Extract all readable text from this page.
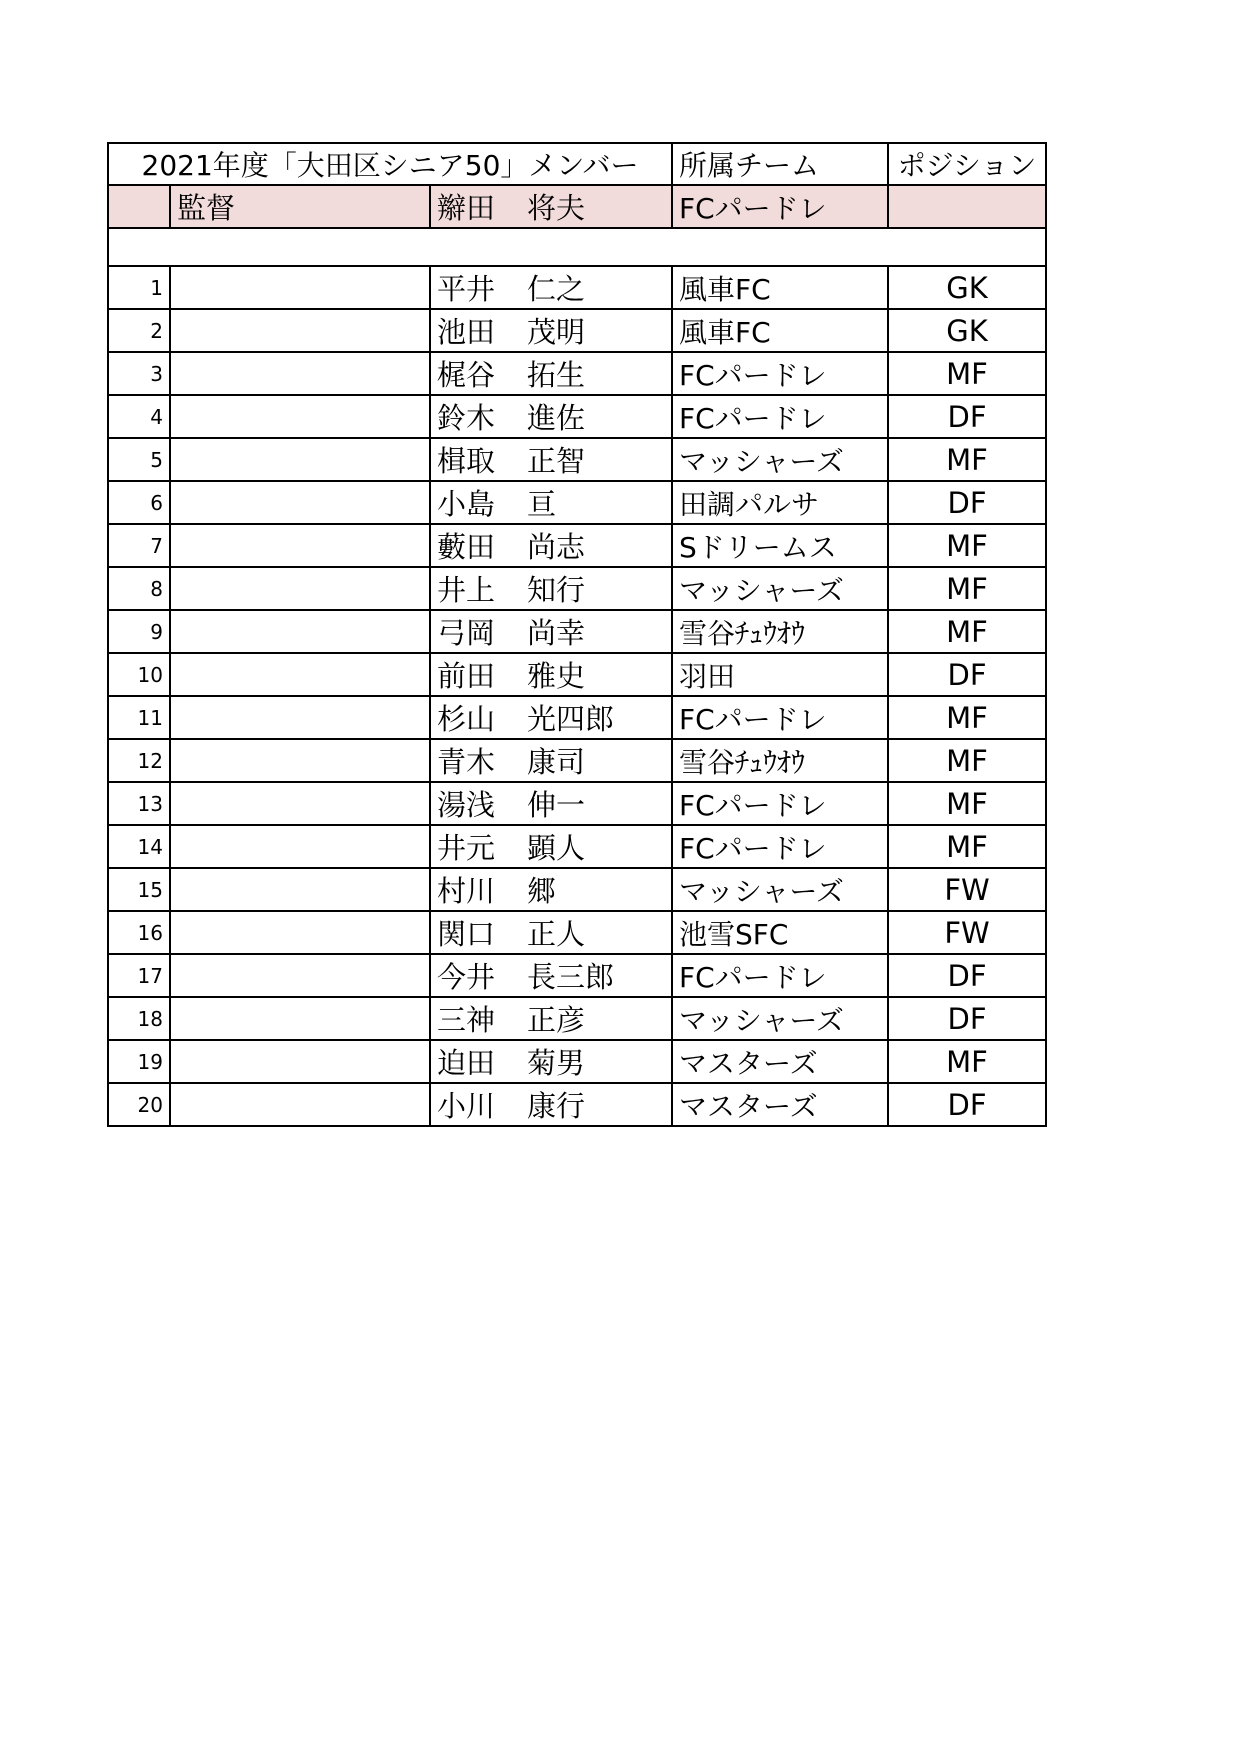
2021年度「大田区シニア50」メンバー			所属チーム	ポジション
	監督	辮田 将夫	FCパードレ	

1		平井 仁之	風車FC	GK
2		池田 茂明	風車FC	GK
3		梶谷 拓生	FCパードレ	MF
4		鈴木 進佐	FCパードレ	DF
5		楫取 正智	マッシャーズ	MF
6		小島 亘	田調パルサ	DF
7		藪田 尚志	Sドリームス	MF
8		井上 知行	マッシャーズ	MF
9		弓岡 尚幸	雪谷ﾁｭｳｵｳ	MF
10		前田 雅史	羽田	DF
11		杉山 光四郎	FCパードレ	MF
12		青木 康司	雪谷ﾁｭｳｵｳ	MF
13		湯浅 伸一	FCパードレ	MF
14		井元 顕人	FCパードレ	MF
15		村川 郷	マッシャーズ	FW
16		関口 正人	池雪SFC	FW
17		今井 長三郎	FCパードレ	DF
18		三神 正彦	マッシャーズ	DF
19		迫田 菊男	マスターズ	MF
20		小川 康行	マスターズ	DF
